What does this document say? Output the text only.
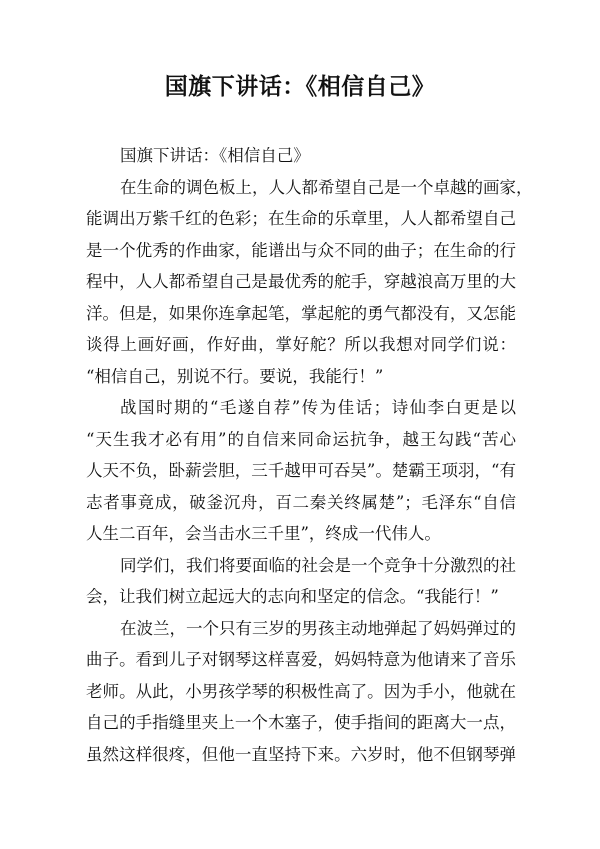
国旗下讲话：《相信自己》
国旗下讲话：《相信自己》
在生命的调色板上，人人都希望自己是一个卓越的画家，
能调出万紫千红的色彩；在生命的乐章里，人人都希望自己
是一个优秀的作曲家，能谱出与众不同的曲子；在生命的行
程中，人人都希望自己是最优秀的舵手，穿越浪高万里的大
洋。但是，如果你连拿起笔，掌起舵的勇气都没有，又怎能
谈得上画好画，作好曲，掌好舵？所以我想对同学们说：
“相信自己，别说不行。要说，我能行！”
战国时期的“毛遂自荐”传为佳话；诗仙李白更是以
“天生我才必有用”的自信来同命运抗争，越王勾践“苦心
人天不负，卧薪尝胆，三千越甲可吞吴”。楚霸王项羽，“有
志者事竟成，破釜沉舟，百二秦关终属楚”；毛泽东“自信
人生二百年，会当击水三千里”，终成一代伟人。
同学们，我们将要面临的社会是一个竞争十分激烈的社
会，让我们树立起远大的志向和坚定的信念。“我能行！”
在波兰，一个只有三岁的男孩主动地弹起了妈妈弹过的
曲子。看到儿子对钢琴这样喜爱，妈妈特意为他请来了音乐
老师。从此，小男孩学琴的积极性高了。因为手小，他就在
自己的手指缝里夹上一个木塞子，使手指间的距离大一点，
虽然这样很疼，但他一直坚持下来。六岁时，他不但钢琴弹
